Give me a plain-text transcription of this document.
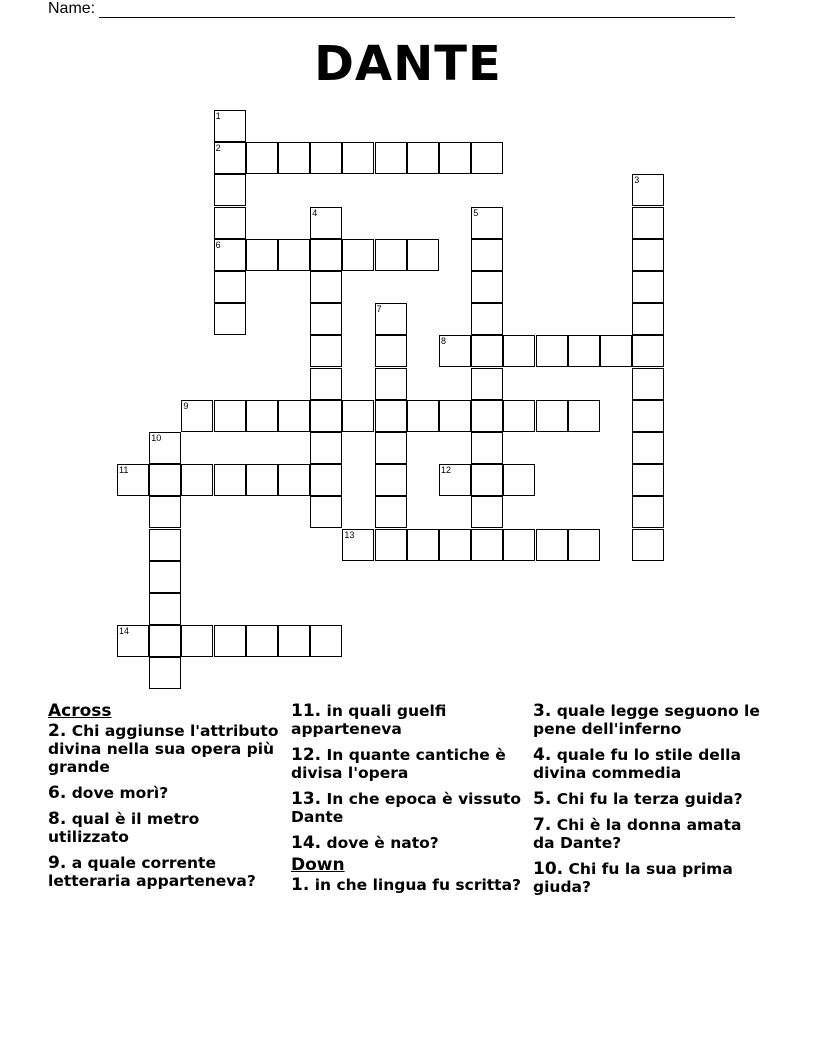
Name:
DANTE
1
2
6
3
4	5
7
8
9
10
11	12
13
14
Across
2. Chi aggiunse l'attributo divina nella sua opera più grande
6. dove morì?
8. qual è il metro utilizzato
9. a quale corrente letteraria apparteneva?
11. in quali guelfi apparteneva
12. In quante cantiche è divisa l'opera
13. In che epoca è vissuto Dante
14. dove è nato?
Down
1. in che lingua fu scritta?
3. quale legge seguono le pene dell'inferno
4. quale fu lo stile della divina commedia
5. Chi fu la terza guida?
7. Chi è la donna amata da Dante?
10. Chi fu la sua prima giuda?
